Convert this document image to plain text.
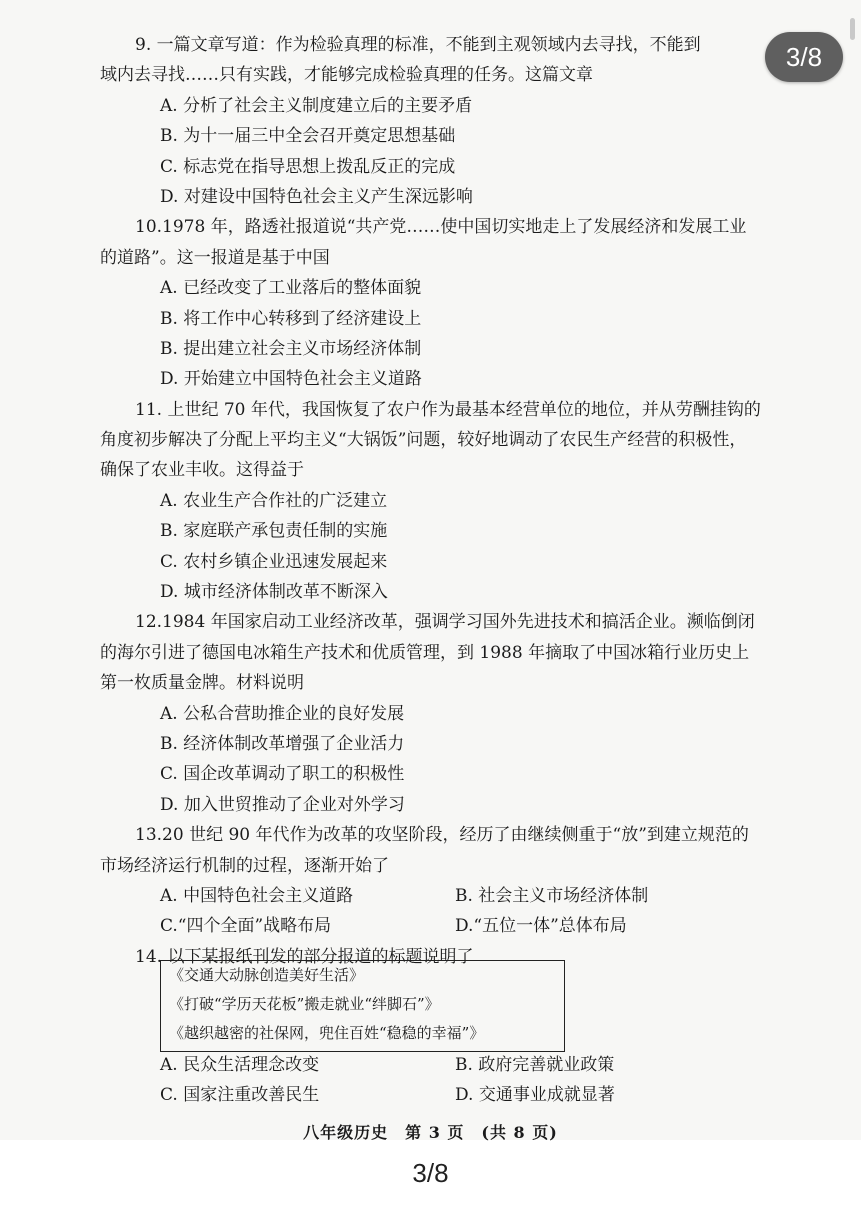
3/8
9. 一篇文章写道：作为检验真理的标准，不能到主观领域内去寻找，不能到
域内去寻找……只有实践，才能够完成检验真理的任务。这篇文章
A. 分析了社会主义制度建立后的主要矛盾
B. 为十一届三中全会召开奠定思想基础
C. 标志党在指导思想上拨乱反正的完成
D. 对建设中国特色社会主义产生深远影响
10.1978 年，路透社报道说“共产党……使中国切实地走上了发展经济和发展工业
的道路”。这一报道是基于中国
A. 已经改变了工业落后的整体面貌
B. 将工作中心转移到了经济建设上
B. 提出建立社会主义市场经济体制
D. 开始建立中国特色社会主义道路
11. 上世纪 70 年代，我国恢复了农户作为最基本经营单位的地位，并从劳酬挂钩的
角度初步解决了分配上平均主义“大锅饭”问题，较好地调动了农民生产经营的积极性，
确保了农业丰收。这得益于
A. 农业生产合作社的广泛建立
B. 家庭联产承包责任制的实施
C. 农村乡镇企业迅速发展起来
D. 城市经济体制改革不断深入
12.1984 年国家启动工业经济改革，强调学习国外先进技术和搞活企业。濒临倒闭
的海尔引进了德国电冰箱生产技术和优质管理，到 1988 年摘取了中国冰箱行业历史上
第一枚质量金牌。材料说明
A. 公私合营助推企业的良好发展
B. 经济体制改革增强了企业活力
C. 国企改革调动了职工的积极性
D. 加入世贸推动了企业对外学习
13.20 世纪 90 年代作为改革的攻坚阶段，经历了由继续侧重于“放”到建立规范的
市场经济运行机制的过程，逐渐开始了
A. 中国特色社会主义道路	B. 社会主义市场经济体制
C.“四个全面”战略布局	D.“五位一体”总体布局
14. 以下某报纸刊发的部分报道的标题说明了
《交通大动脉创造美好生活》
《打破“学历天花板”搬走就业“绊脚石”》
《越织越密的社保网，兜住百姓“稳稳的幸福”》
A. 民众生活理念改变	B. 政府完善就业政策
C. 国家注重改善民生	D. 交通事业成就显著
八年级历史　第 3 页　(共 8 页)
3/8
